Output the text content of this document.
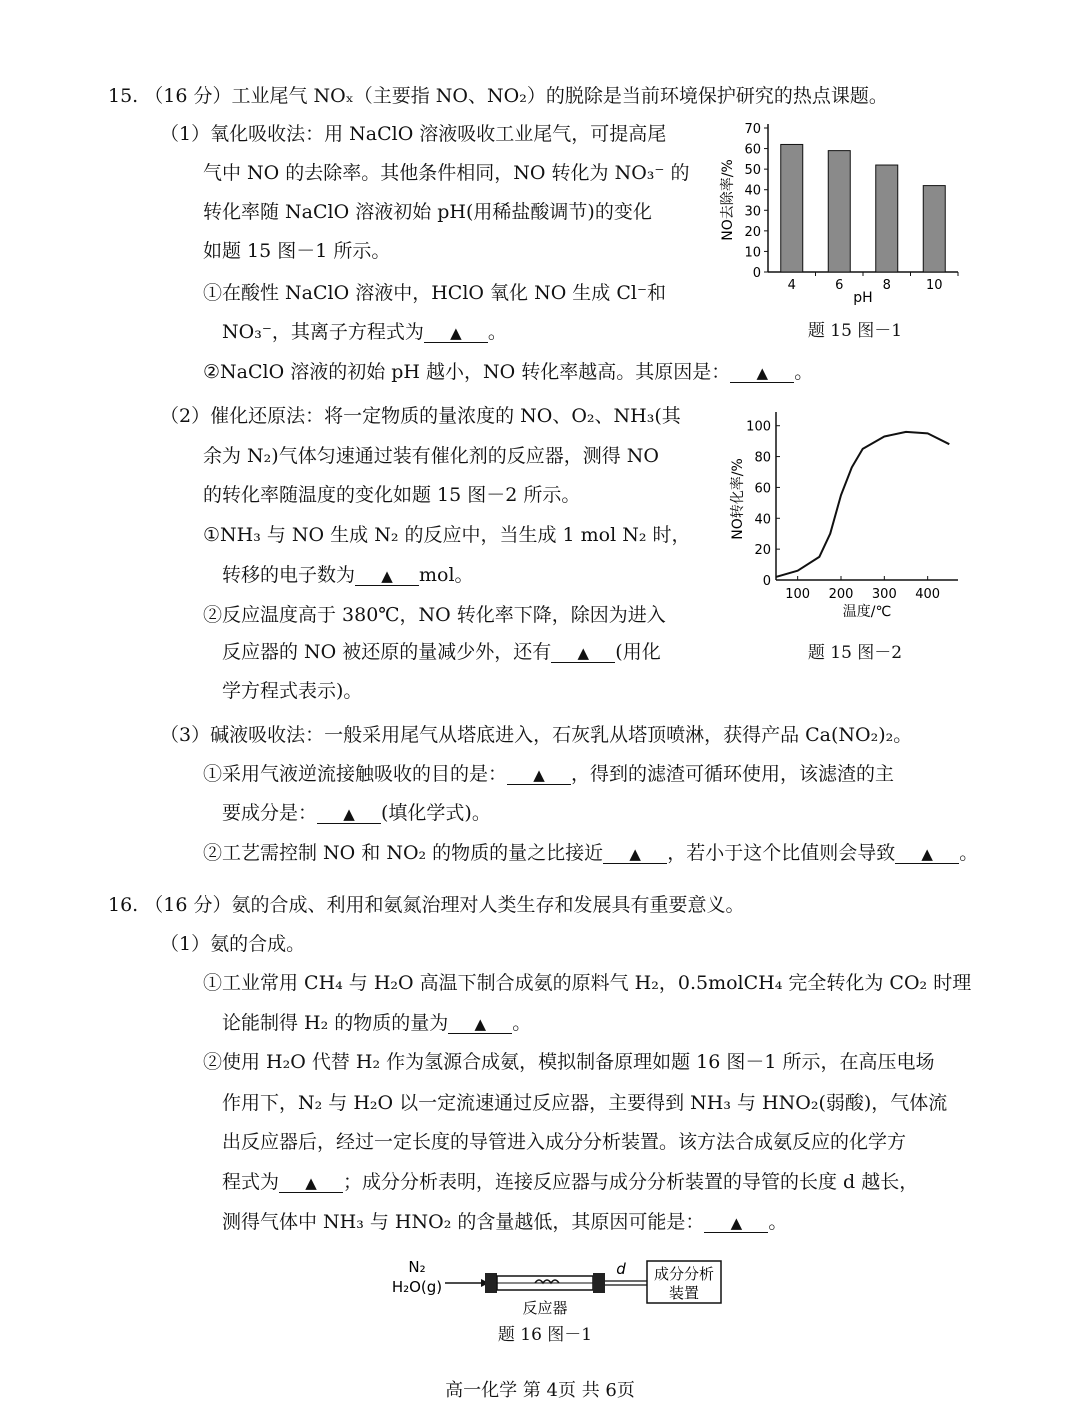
15. （16 分）工业尾气 NOₓ（主要指 NO、NO₂）的脱除是当前环境保护研究的热点课题。
（1）氧化吸收法：用 NaClO 溶液吸收工业尾气，可提高尾
气中 NO 的去除率。其他条件相同，NO 转化为 NO₃⁻ 的
转化率随 NaClO 溶液初始 pH(用稀盐酸调节)的变化
如题 15 图－1 所示。
①在酸性 NaClO 溶液中，HClO 氧化 NO 生成 Cl⁻和
NO₃⁻，其离子方程式为 ▲ 。
②NaClO 溶液的初始 pH 越小，NO 转化率越高。其原因是： ▲ 。
0
10
20
30
40
50
60
70
4	6	8	10
pH
NO去除率/%
题 15 图－1
（2）催化还原法：将一定物质的量浓度的 NO、O₂、NH₃(其
余为 N₂)气体匀速通过装有催化剂的反应器，测得 NO
的转化率随温度的变化如题 15 图－2 所示。
①NH₃ 与 NO 生成 N₂ 的反应中，当生成 1 mol N₂ 时，
转移的电子数为 ▲ mol。
②反应温度高于 380℃，NO 转化率下降，除因为进入
反应器的 NO 被还原的量减少外，还有 ▲ (用化
学方程式表示)。
0
20
40
60
80
100
100 200 300 400
温度/℃
NO转化率/%
题 15 图－2
（3）碱液吸收法：一般采用尾气从塔底进入，石灰乳从塔顶喷淋，获得产品 Ca(NO₂)₂。
①采用气液逆流接触吸收的目的是： ▲ ，得到的滤渣可循环使用，该滤渣的主
要成分是： ▲ (填化学式)。
②工艺需控制 NO 和 NO₂ 的物质的量之比接近 ▲ ，若小于这个比值则会导致 ▲ 。
16. （16 分）氨的合成、利用和氨氮治理对人类生存和发展具有重要意义。
（1）氨的合成。
①工业常用 CH₄ 与 H₂O 高温下制合成氨的原料气 H₂，0.5molCH₄ 完全转化为 CO₂ 时理
论能制得 H₂ 的物质的量为 ▲ 。
②使用 H₂O 代替 H₂ 作为氢源合成氨，模拟制备原理如题 16 图－1 所示，在高压电场
作用下，N₂ 与 H₂O 以一定流速通过反应器，主要得到 NH₃ 与 HNO₂(弱酸)，气体流
出反应器后，经过一定长度的导管进入成分分析装置。该方法合成氨反应的化学方
程式为 ▲ ；成分分析表明，连接反应器与成分分析装置的导管的长度 d 越长，
测得气体中 NH₃ 与 HNO₂ 的含量越低，其原因可能是： ▲ 。
N₂
H₂O(g)
d 成分分析
装置
反应器
题 16 图－1
高一化学 第 4页 共 6页
